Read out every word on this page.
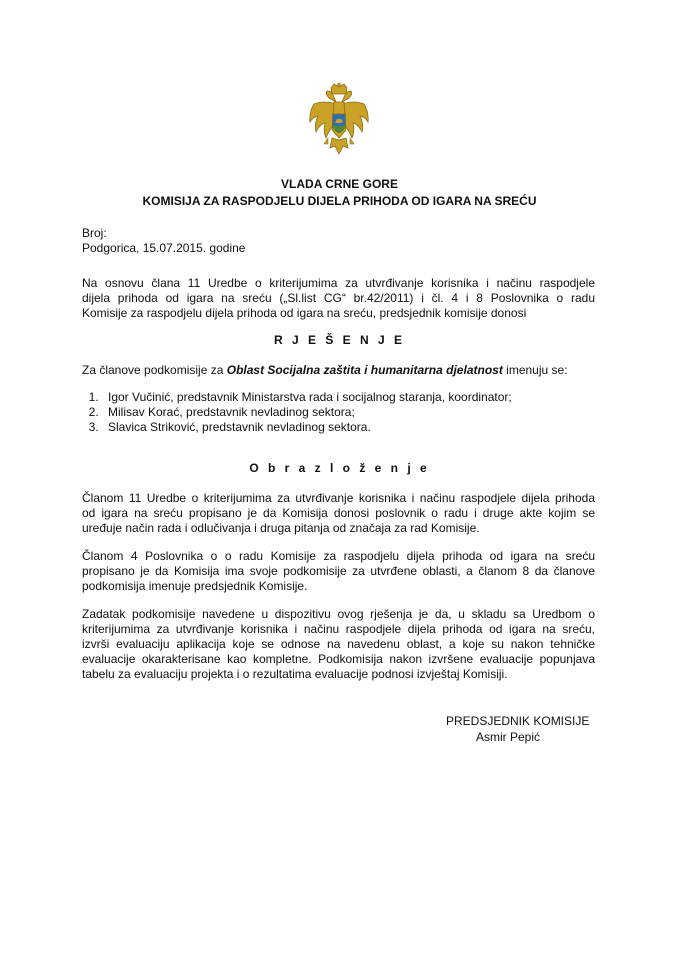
VLADA CRNE GORE
KOMISIJA ZA RASPODJELU DIJELA PRIHODA OD IGARA NA SREĆU
Broj:
Podgorica, 15.07.2015. godine
Na osnovu člana 11 Uredbe o kriterijumima za utvrđivanje korisnika i načinu raspodjele
dijela prihoda od igara na sreću („Sl.list CG“ br.42/2011) i čl. 4 i 8 Poslovnika o radu
Komisije za raspodjelu dijela prihoda od igara na sreću, predsjednik komisije donosi
R J E Š E N J E
Za članove podkomisije za Oblast Socijalna zaštita i humanitarna djelatnost imenuju se:
1. Igor Vučinić, predstavnik Ministarstva rada i socijalnog staranja, koordinator;
2. Milisav Korać, predstavnik nevladinog sektora;
3. Slavica Striković, predstavnik nevladinog sektora.
O b r a z l o ž e n j e
Članom 11 Uredbe o kriterijumima za utvrđivanje korisnika i načinu raspodjele dijela prihoda
od igara na sreću propisano je da Komisija donosi poslovnik o radu i druge akte kojim se
uređuje način rada i odlučivanja i druga pitanja od značaja za rad Komisije.
Članom 4 Poslovnika o o radu Komisije za raspodjelu dijela prihoda od igara na sreću
propisano je da Komisija ima svoje podkomisije za utvrđene oblasti, a članom 8 da članove
podkomisija imenuje predsjednik Komisije.
Zadatak podkomisije navedene u dispozitivu ovog rješenja je da, u skladu sa Uredbom o
kriterijumima za utvrđivanje korisnika i načinu raspodjele dijela prihoda od igara na sreću,
izvrši evaluaciju aplikacija koje se odnose na navedenu oblast, a koje su nakon tehničke
evaluacije okarakterisane kao kompletne. Podkomisija nakon izvršene evaluacije popunjava
tabelu za evaluaciju projekta i o rezultatima evaluacije podnosi izvještaj Komisiji.
PREDSJEDNIK KOMISIJE
Asmir Pepić
